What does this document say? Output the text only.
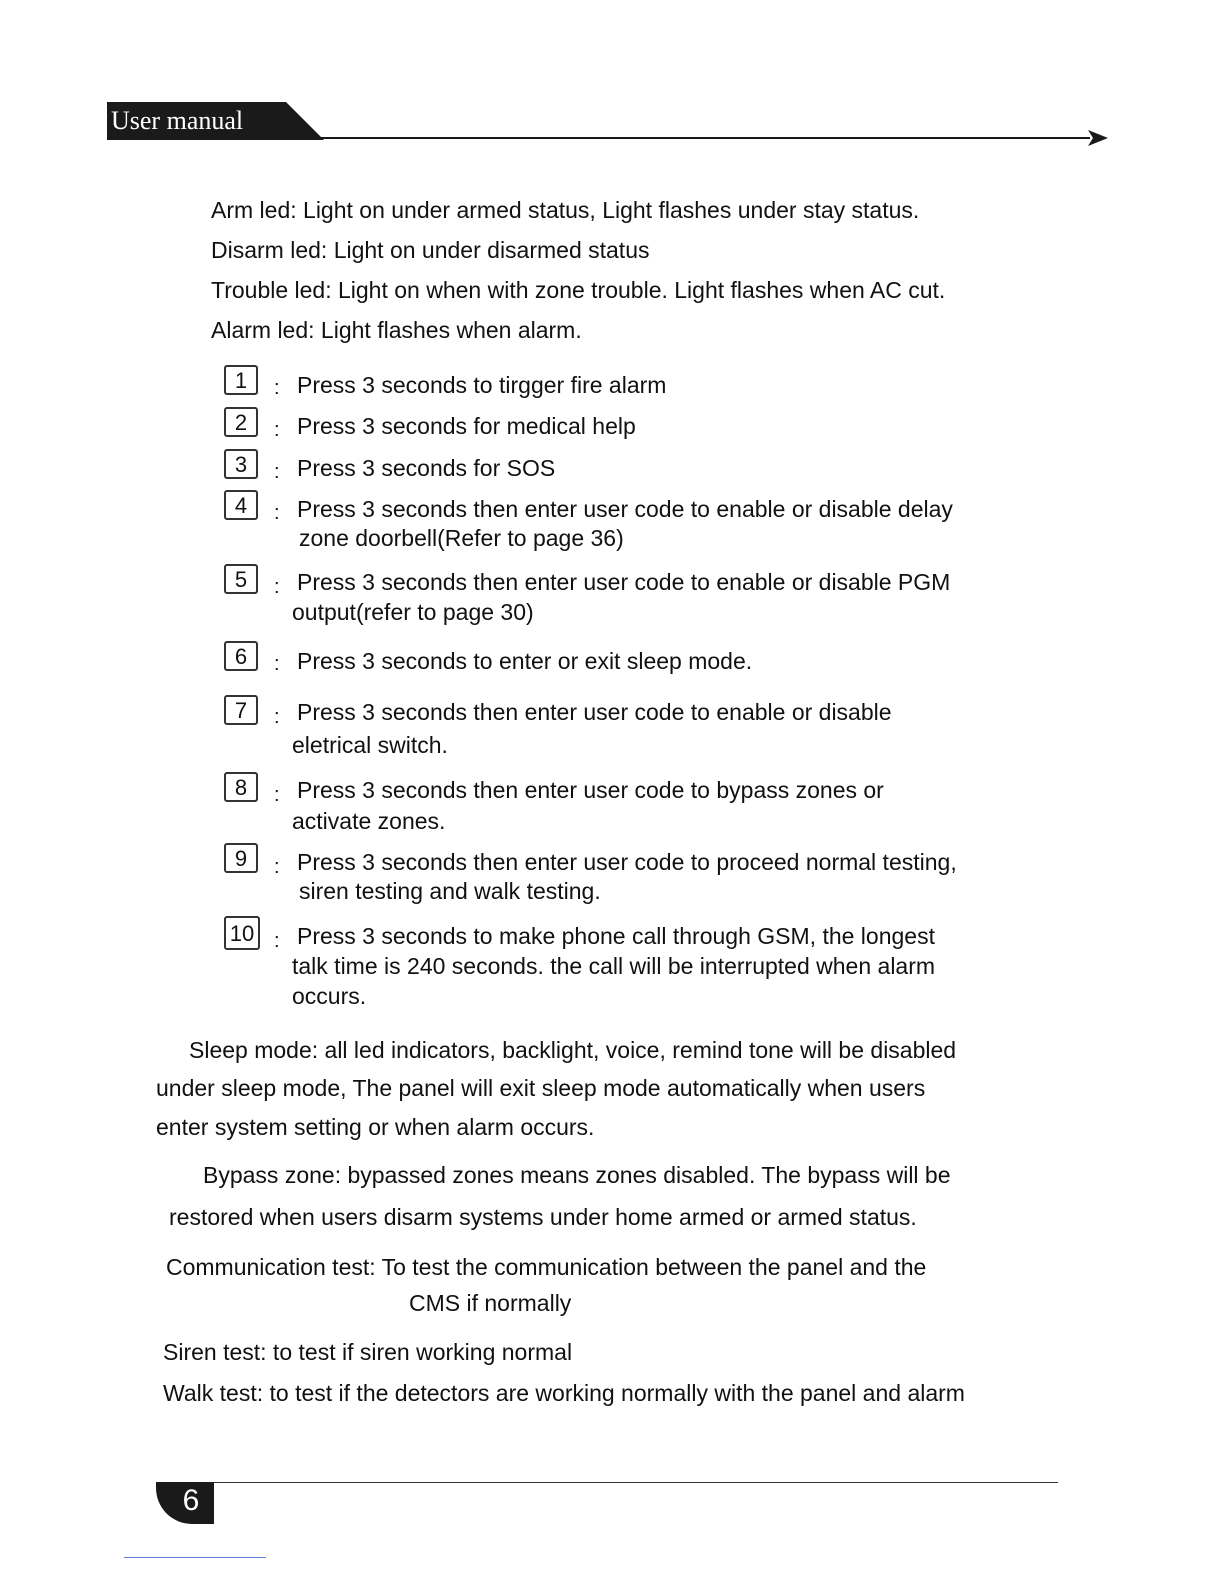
User manual
Arm led: Light on under armed status, Light flashes under stay status.
Disarm led: Light on under disarmed status
Trouble led: Light on when with zone trouble. Light flashes when AC cut.
Alarm led: Light flashes when alarm.
1	: Press 3 seconds to tirgger fire alarm
2	: Press 3 seconds for medical help
3	: Press 3 seconds for SOS
4	: Press 3 seconds then enter user code to enable or disable delay
zone doorbell(Refer to page 36)
5	: Press 3 seconds then enter user code to enable or disable PGM
output(refer to page 30)
6	: Press 3 seconds to enter or exit sleep mode.
7	: Press 3 seconds then enter user code to enable or disable
eletrical switch.
8	: Press 3 seconds then enter user code to bypass zones or
activate zones.
9	: Press 3 seconds then enter user code to proceed normal testing,
siren testing and walk testing.
10 : Press 3 seconds to make phone call through GSM, the longest
talk time is 240 seconds. the call will be interrupted when alarm
occurs.
Sleep mode: all led indicators, backlight, voice, remind tone will be disabled
under sleep mode, The panel will exit sleep mode automatically when users
enter system setting or when alarm occurs.
Bypass zone: bypassed zones means zones disabled. The bypass will be
restored when users disarm systems under home armed or armed status.
Communication test: To test the communication between the panel and the
CMS if normally
Siren test: to test if siren working normal
Walk test: to test if the detectors are working normally with the panel and alarm
6
